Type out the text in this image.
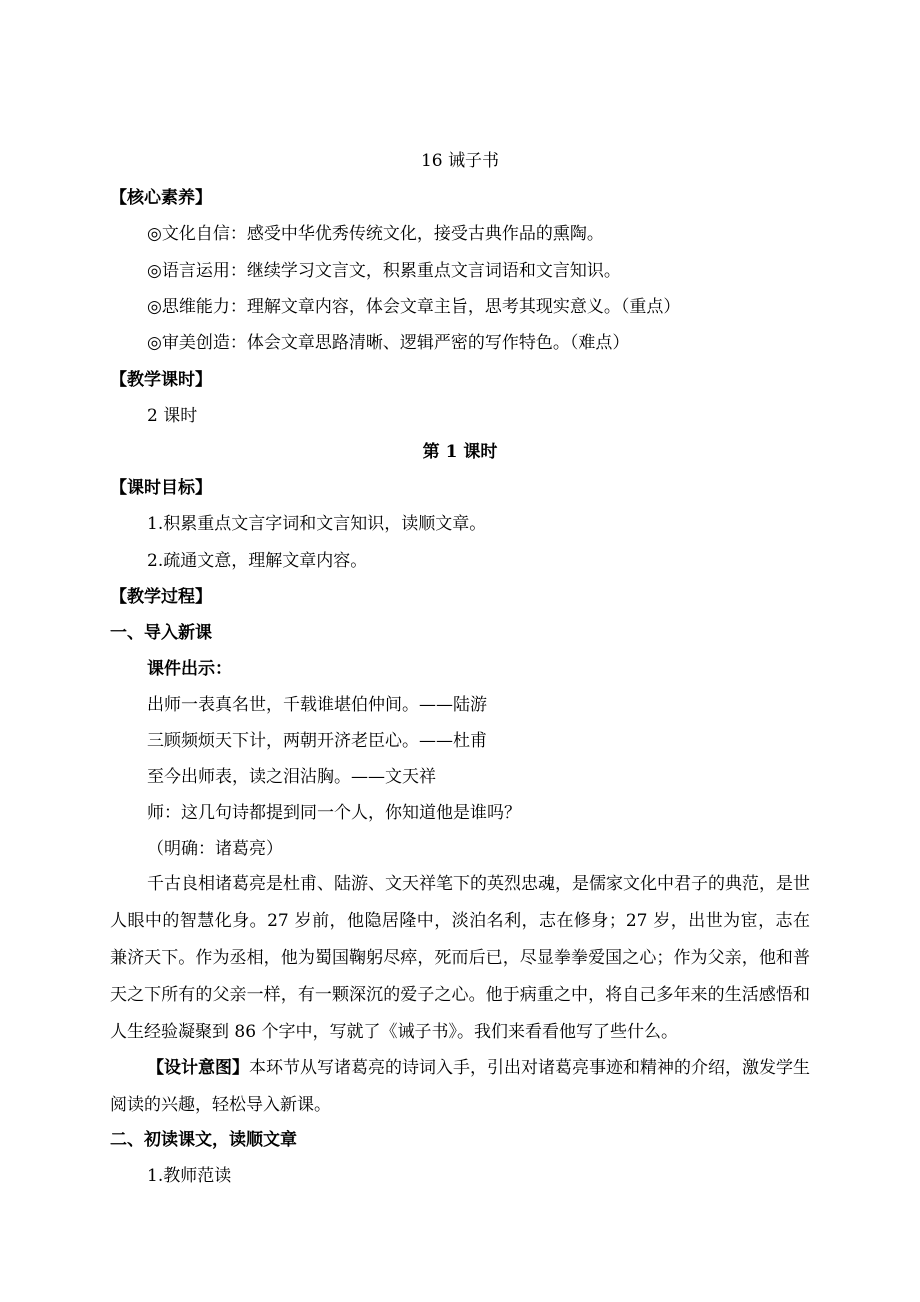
16 诫子书
【核心素养】
◎文化自信：感受中华优秀传统文化，接受古典作品的熏陶。
◎语言运用：继续学习文言文，积累重点文言词语和文言知识。
◎思维能力：理解文章内容，体会文章主旨，思考其现实意义。（重点）
◎审美创造：体会文章思路清晰、逻辑严密的写作特色。（难点）
【教学课时】
2 课时
第 1 课时
【课时目标】
1.积累重点文言字词和文言知识，读顺文章。
2.疏通文意，理解文章内容。
【教学过程】
一、导入新课
课件出示：
出师一表真名世，千载谁堪伯仲间。——陆游
三顾频烦天下计，两朝开济老臣心。——杜甫
至今出师表，读之泪沾胸。——文天祥
师：这几句诗都提到同一个人，你知道他是谁吗？
（明确：诸葛亮）
千古良相诸葛亮是杜甫、陆游、文天祥笔下的英烈忠魂，是儒家文化中君子的典范，是世人眼中的智慧化身。27 岁前，他隐居隆中，淡泊名利，志在修身；27 岁，出世为宦，志在兼济天下。作为丞相，他为蜀国鞠躬尽瘁，死而后已，尽显拳拳爱国之心；作为父亲，他和普天之下所有的父亲一样，有一颗深沉的爱子之心。他于病重之中，将自己多年来的生活感悟和人生经验凝聚到 86 个字中，写就了《诫子书》。我们来看看他写了些什么。
【设计意图】本环节从写诸葛亮的诗词入手，引出对诸葛亮事迹和精神的介绍，激发学生阅读的兴趣，轻松导入新课。
二、初读课文，读顺文章
1.教师范读
